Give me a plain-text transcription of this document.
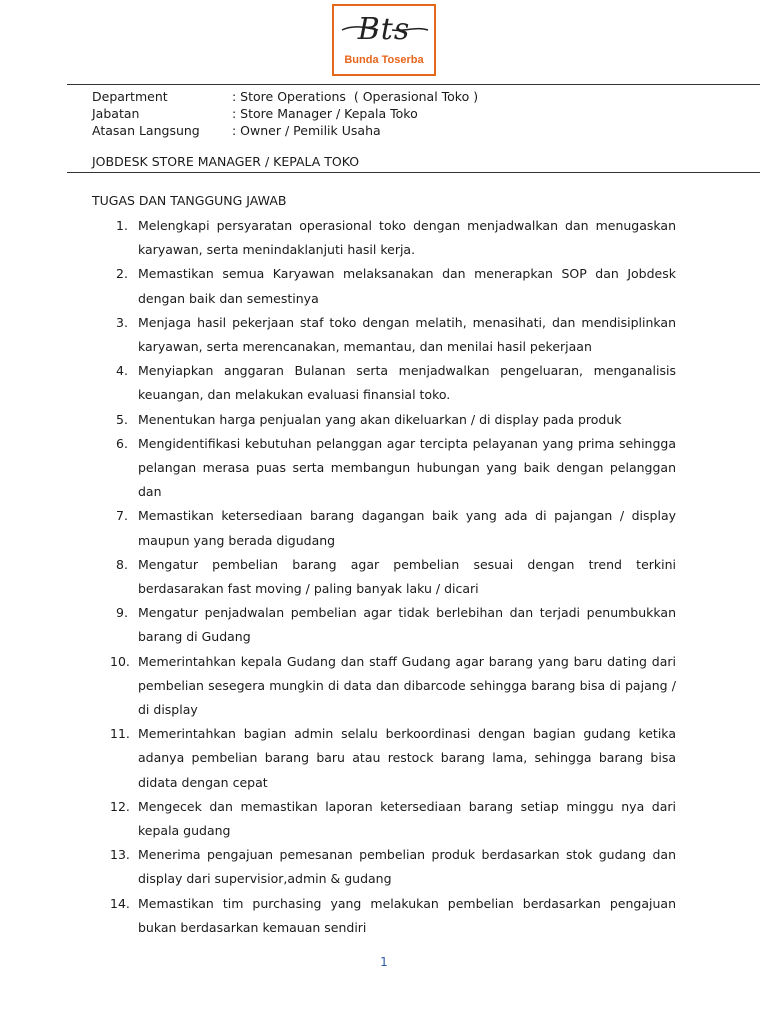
Bts
Bunda Toserba
Department	: Store Operations  ( Operasional Toko )
Jabatan	: Store Manager / Kepala Toko
Atasan Langsung	: Owner / Pemilik Usaha
JOBDESK STORE MANAGER / KEPALA TOKO
TUGAS DAN TANGGUNG JAWAB
1. Melengkapi persyaratan operasional toko dengan menjadwalkan dan menugaskan karyawan, serta menindaklanjuti hasil kerja.
2. Memastikan semua Karyawan melaksanakan dan menerapkan SOP dan Jobdesk dengan baik dan semestinya
3. Menjaga hasil pekerjaan staf toko dengan melatih, menasihati, dan mendisiplinkan karyawan, serta merencanakan, memantau, dan menilai hasil pekerjaan
4. Menyiapkan anggaran Bulanan serta menjadwalkan pengeluaran, menganalisis keuangan, dan melakukan evaluasi finansial toko.
5. Menentukan harga penjualan yang akan dikeluarkan / di display pada produk
6. Mengidentifikasi kebutuhan pelanggan agar tercipta pelayanan yang prima sehingga pelangan merasa puas serta membangun hubungan yang baik dengan pelanggan dan
7. Memastikan ketersediaan barang dagangan baik yang ada di pajangan / display maupun yang berada digudang
8. Mengatur pembelian barang agar pembelian sesuai dengan trend terkini berdasarakan fast moving / paling banyak laku / dicari
9. Mengatur penjadwalan pembelian agar tidak berlebihan dan terjadi penumbukkan barang di Gudang
10. Memerintahkan kepala Gudang dan staff Gudang agar barang yang baru dating dari pembelian sesegera mungkin di data dan dibarcode sehingga barang bisa di pajang / di display
11. Memerintahkan bagian admin selalu berkoordinasi dengan bagian gudang ketika adanya pembelian barang baru atau restock barang lama, sehingga barang bisa didata dengan cepat
12. Mengecek dan memastikan laporan ketersediaan barang setiap minggu nya dari kepala gudang
13. Menerima pengajuan pemesanan pembelian produk berdasarkan stok gudang dan display dari supervisior,admin & gudang
14. Memastikan tim purchasing yang melakukan pembelian berdasarkan pengajuan bukan berdasarkan kemauan sendiri
1
